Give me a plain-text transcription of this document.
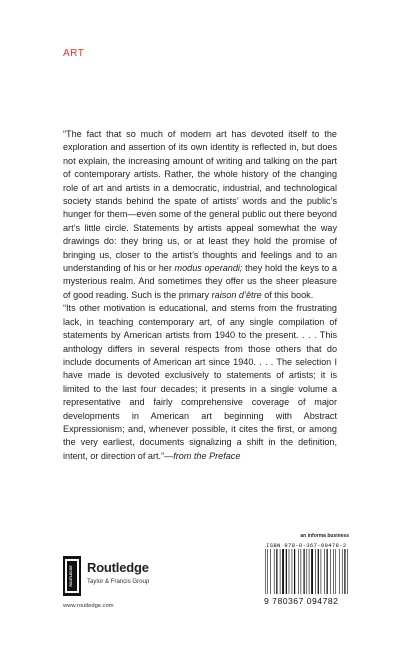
ART

“The fact that so much of modern art has devoted itself to the exploration and assertion of its own identity is reflected in, but does not explain, the increasing amount of writing and talking on the part of contemporary artists. Rather, the whole history of the changing role of art and artists in a democratic, industrial, and technological society stands behind the spate of artists’ words and the public’s hunger for them—even some of the general public out there beyond art’s little circle. Statements by artists appeal somewhat the way drawings do: they bring us, or at least they hold the promise of bringing us, closer to the artist’s thoughts and feelings and to an understanding of his or her modus operandi; they hold the keys to a mysterious realm. And sometimes they offer us the sheer pleasure of good reading. Such is the primary raison d’être of this book.

“Its other motivation is educational, and stems from the frustrating lack, in teaching contemporary art, of any single compilation of statements by American artists from 1940 to the present. . . . This anthology differs in several respects from those others that do include documents of American art since 1940. . . . The selection I have made is devoted exclusively to statements of artists; it is limited to the last four decades; it presents in a single volume a representative and fairly comprehensive coverage of major developments in American art beginning with Abstract Expressionism; and, whenever possible, it cites the first, or among the very earliest, documents signalizing a shift in the definition, intent, or direction of art.”—from the Preface

an informa business
ISBN 978-0-367-09478-2
9 780367 094782
ROUTLEDGE Routledge
Taylor & Francis Group
www.routledge.com
